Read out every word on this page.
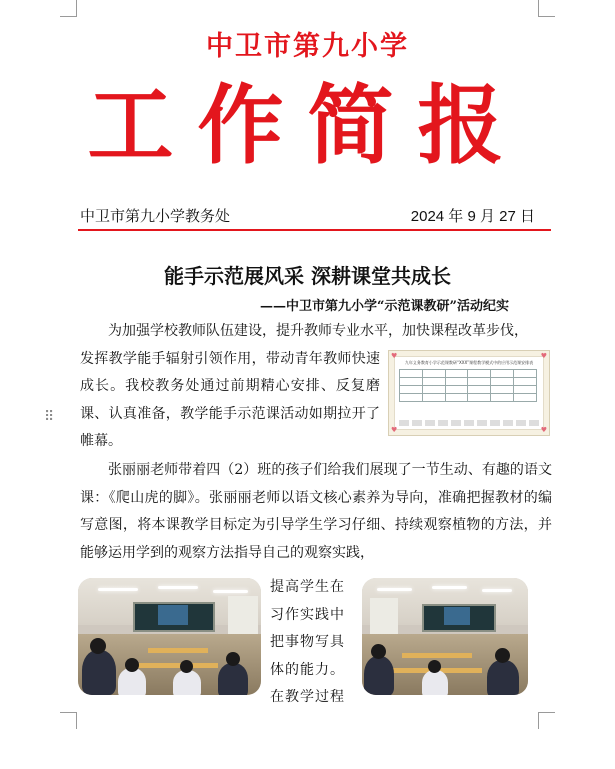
中卫市第九小学
工作简报
中卫市第九小学教务处	2024 年 9 月 27 日
能手示范展风采 深耕课堂共成长
——中卫市第九小学“示范课教研”活动纪实
⠿
为加强学校教师队伍建设，提升教师专业水平，加快课程改革步伐，
发挥教学能手辐射引领作用，带动青年教师快速成长。我校教务处通过前期精心安排、反复磨课、认真准备，教学能手示范课活动如期拉开了帷幕。
九年义务教育小学示范课教研“XXX”课程教学模式中的应用示范课安排表

♥	♥
♥	♥
张丽丽老师带着四（2）班的孩子们给我们展现了一节生动、有趣的语文课：《爬山虎的脚》。张丽丽老师以语文核心素养为导向，准确把握教材的编写意图，将本课教学目标定为引导学生学习仔细、持续观察植物的方法，并能够运用学到的观察方法指导自己的观察实践，
提高学生在习作实践中把事物写具体的能力。在教学过程
